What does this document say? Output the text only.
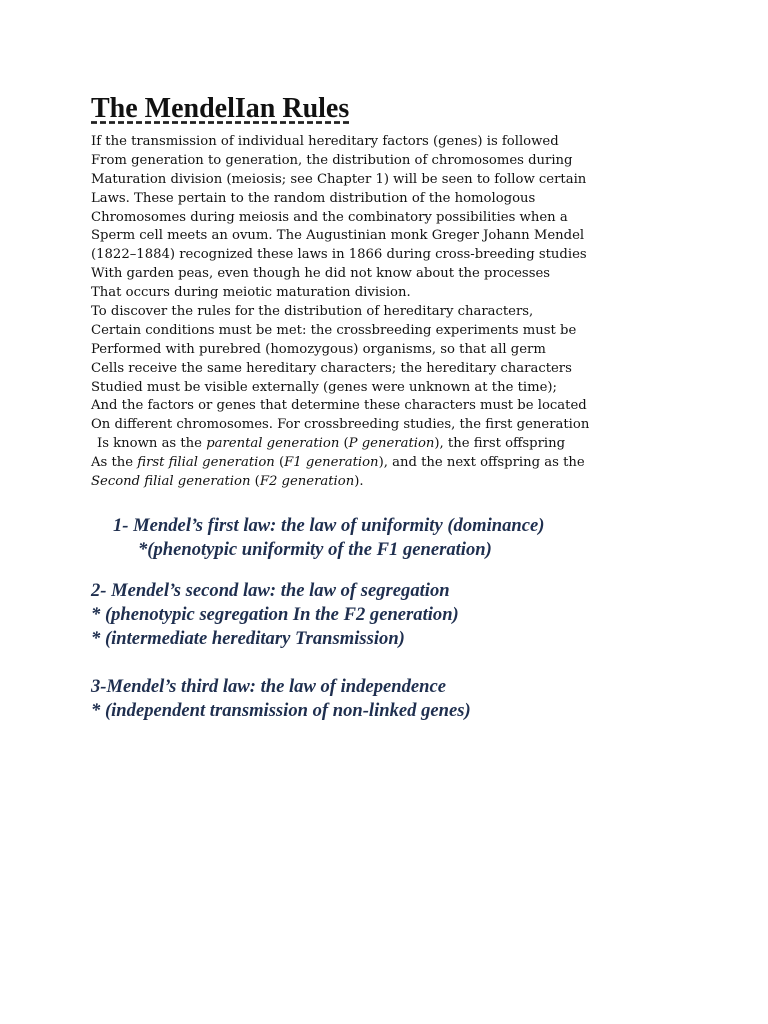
The MendelIan Rules
If the transmission of individual hereditary factors (genes) is followed
From generation to generation, the distribution of chromosomes during
Maturation division (meiosis; see Chapter 1) will be seen to follow certain
Laws. These pertain to the random distribution of the homologous
Chromosomes during meiosis and the combinatory possibilities when a
Sperm cell meets an ovum. The Augustinian monk Greger Johann Mendel
(1822–1884) recognized these laws in 1866 during cross-breeding studies
With garden peas, even though he did not know about the processes
That occurs during meiotic maturation division.
To discover the rules for the distribution of hereditary characters,
Certain conditions must be met: the crossbreeding experiments must be
Performed with purebred (homozygous) organisms, so that all germ
Cells receive the same hereditary characters; the hereditary characters
Studied must be visible externally (genes were unknown at the time);
And the factors or genes that determine these characters must be located
On different chromosomes. For crossbreeding studies, the first generation
Is known as the parental generation (P generation), the first offspring
As the first filial generation (F1 generation), and the next offspring as the
Second filial generation (F2 generation).

1- Mendel’s first law: the law of uniformity (dominance)

*(phenotypic uniformity of the F1 generation)

2- Mendel’s second law: the law of segregation

* (phenotypic segregation In the F2 generation)

* (intermediate hereditary Transmission)

3-Mendel’s third law: the law of independence

* (independent transmission of non-linked genes)
